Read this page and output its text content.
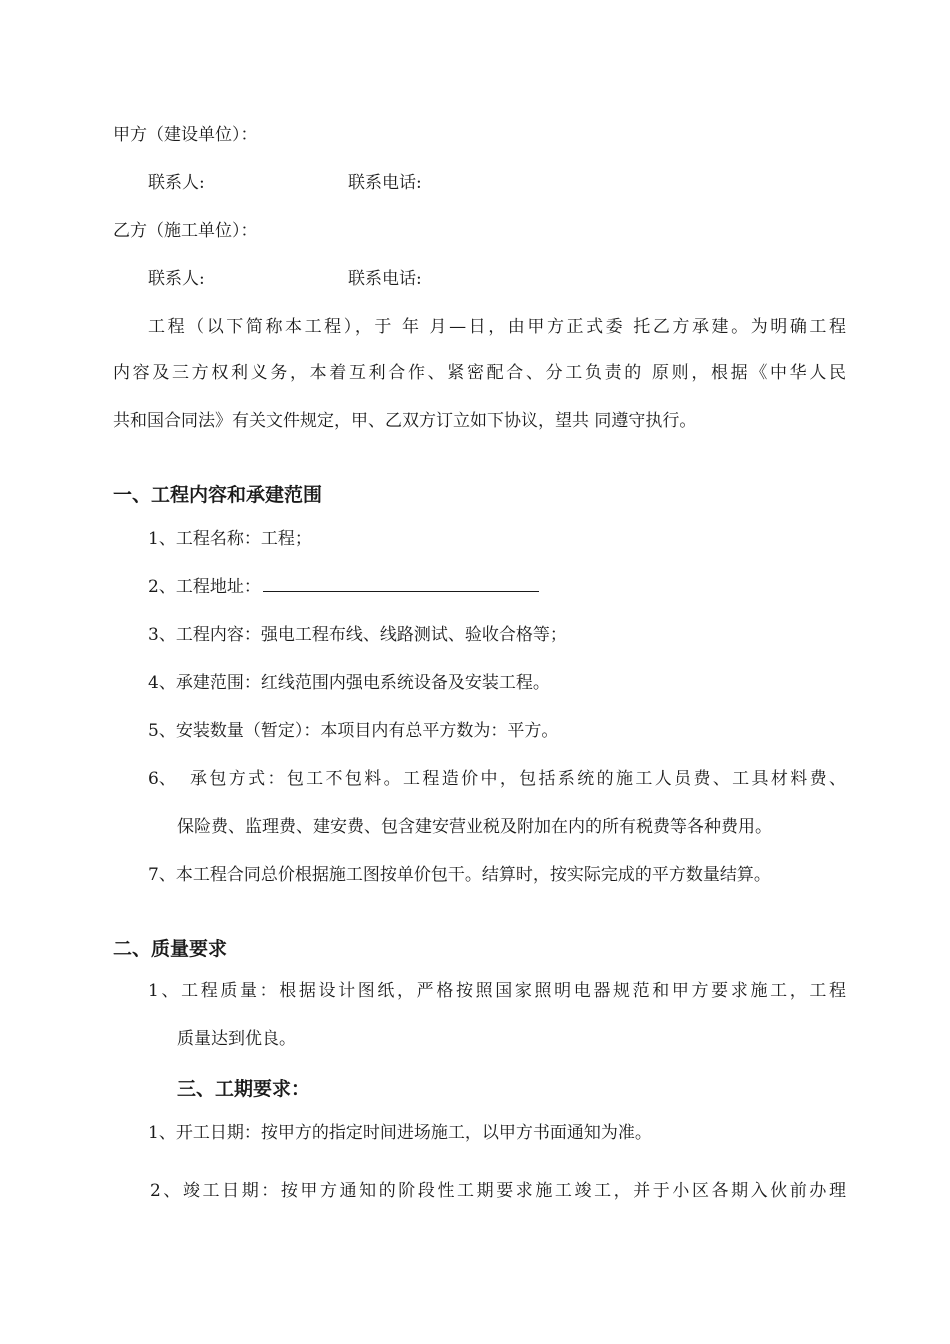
甲方（建设单位）：
联系人:	联系电话:
乙方（施工单位）：
联系人:	联系电话:
工程（以下简称本工程），于 年 月—日，由甲方正式委 托乙方承建。为明确工程
内容及三方权利义务，本着互利合作、紧密配合、分工负责的 原则，根据《中华人民
共和国合同法》有关文件规定，甲、乙双方订立如下协议，望共 同遵守执行。
一、工程内容和承建范围
1、工程名称：工程；
2、工程地址：
3、工程内容：强电工程布线、线路测试、验收合格等；
4、承建范围：红线范围内强电系统设备及安装工程。
5、安装数量（暂定）：本项目内有总平方数为：平方。
6、 承包方式：包工不包料。工程造价中，包括系统的施工人员费、工具材料费、
保险费、监理费、建安费、包含建安营业税及附加在内的所有税费等各种费用。
7、本工程合同总价根据施工图按单价包干。结算时，按实际完成的平方数量结算。
二、质量要求
1、工程质量：根据设计图纸，严格按照国家照明电器规范和甲方要求施工，工程
质量达到优良。
三、工期要求：
1、开工日期：按甲方的指定时间进场施工，以甲方书面通知为准。
2、竣工日期：按甲方通知的阶段性工期要求施工竣工，并于小区各期入伙前办理
